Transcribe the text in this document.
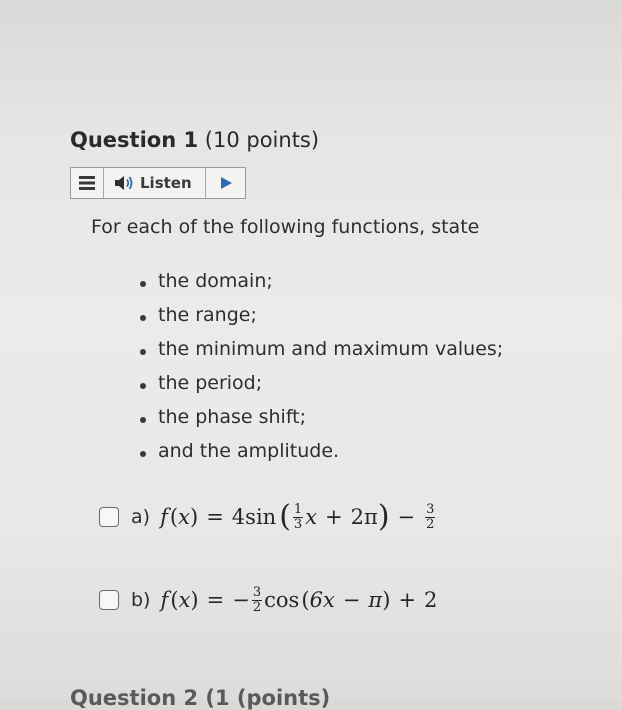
Question 1 (10 points)
Listen
For each of the following functions, state
the domain;
the range;
the minimum and maximum values;
the period;
the phase shift;
and the amplitude.
a) f  ( x ) = 4 sin  ( $\frac{1}{3}$ x + 2π ) − $\frac{3}{2}$
b) f  ( x ) = − $\frac{3}{2}$ cos  ( 6x − π ) + 2
Question 2 (1 (points)
